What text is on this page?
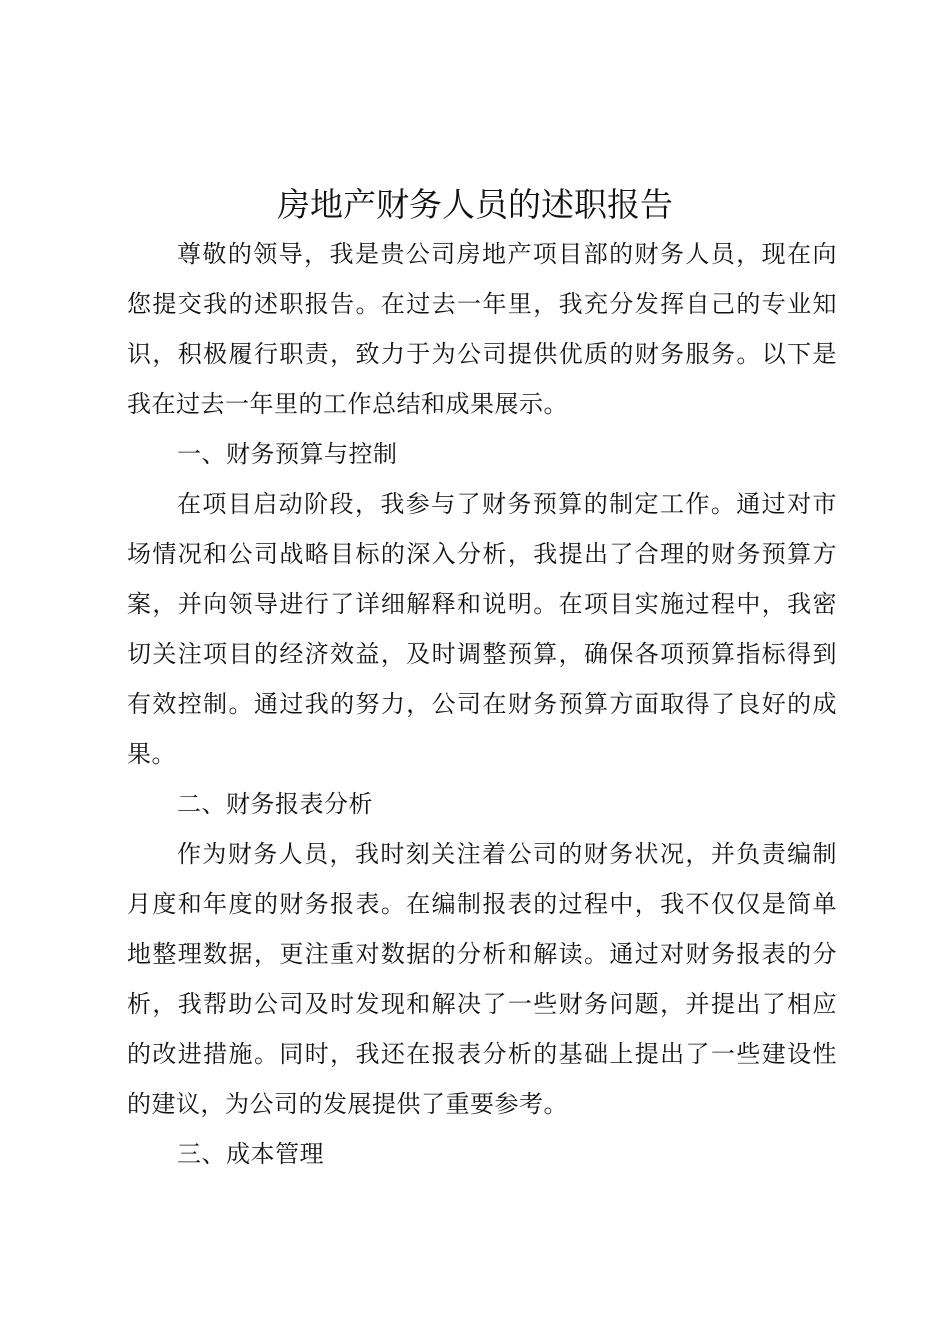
房地产财务人员的述职报告

尊敬的领导，我是贵公司房地产项目部的财务人员，现在向您提交我的述职报告。在过去一年里，我充分发挥自己的专业知识，积极履行职责，致力于为公司提供优质的财务服务。以下是我在过去一年里的工作总结和成果展示。

一、财务预算与控制

在项目启动阶段，我参与了财务预算的制定工作。通过对市场情况和公司战略目标的深入分析，我提出了合理的财务预算方案，并向领导进行了详细解释和说明。在项目实施过程中，我密切关注项目的经济效益，及时调整预算，确保各项预算指标得到有效控制。通过我的努力，公司在财务预算方面取得了良好的成果。

二、财务报表分析

作为财务人员，我时刻关注着公司的财务状况，并负责编制月度和年度的财务报表。在编制报表的过程中，我不仅仅是简单地整理数据，更注重对数据的分析和解读。通过对财务报表的分析，我帮助公司及时发现和解决了一些财务问题，并提出了相应的改进措施。同时，我还在报表分析的基础上提出了一些建设性的建议，为公司的发展提供了重要参考。

三、成本管理
